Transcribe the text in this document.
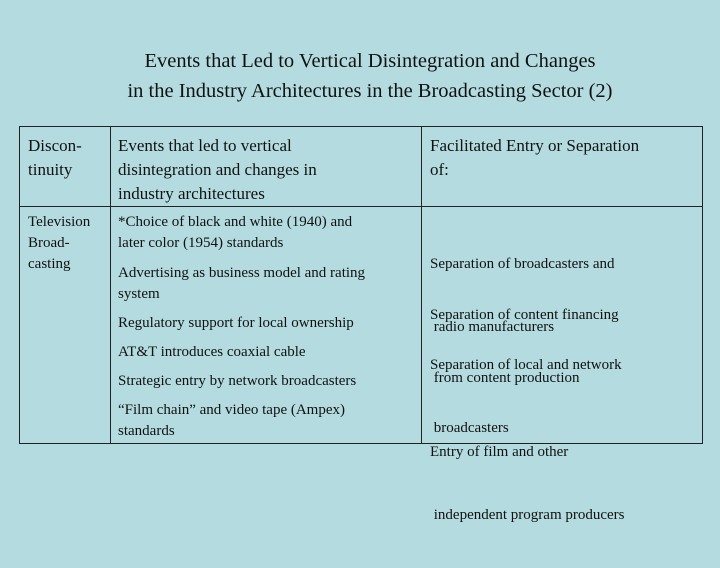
Events that Led to Vertical Disintegration and Changes
in the Industry Architectures in the Broadcasting Sector (2)
Discon-
tinuity
Events that led to vertical
disintegration and changes in
industry architectures
Facilitated Entry or Separation
of:
Television
Broad-
casting
*Choice of black and white (1940) and
later color (1954) standards
Advertising as business model and rating
system
Regulatory support for local ownership
AT&T introduces coaxial cable
Strategic entry by network broadcasters
“Film chain” and video tape (Ampex)
standards

Separation of broadcasters and

radio manufacturers

Separation of content financing

from content production

Separation of local and network

broadcasters

Entry of film and other

independent program producers
